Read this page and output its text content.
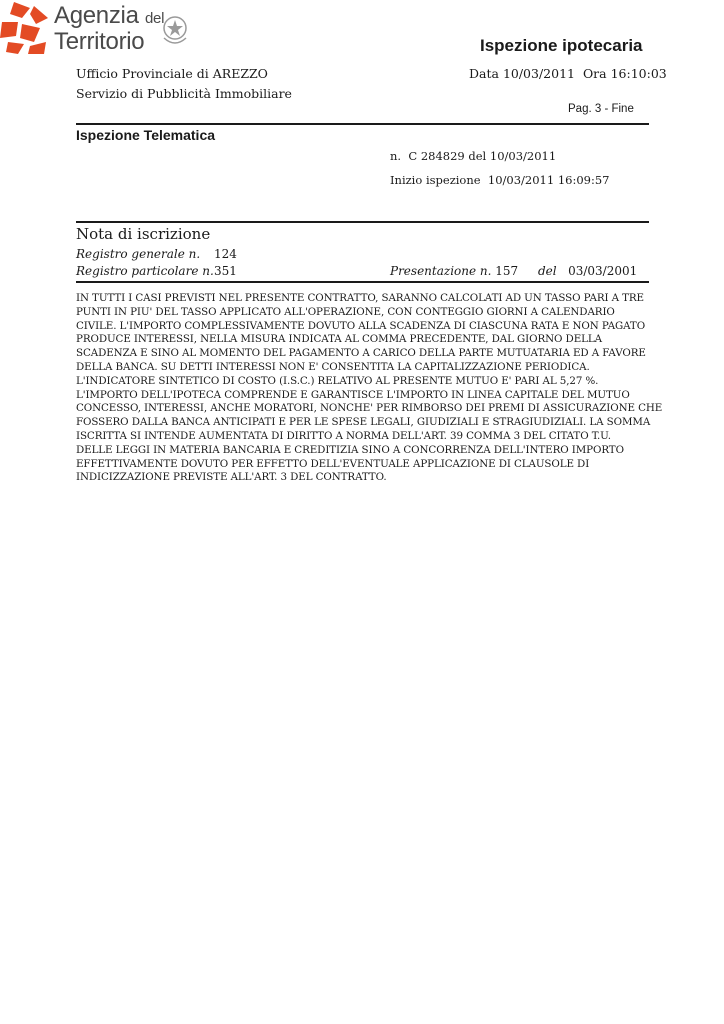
Agenzia del
Territorio	Ispezione ipotecaria
Ufficio Provinciale di AREZZO	Data 10/03/2011 Ora 16:10:03
Servizio di Pubblicità Immobiliare
Pag. 3 - Fine
Ispezione Telematica
n. C 284829 del 10/03/2011
Inizio ispezione 10/03/2011 16:09:57
Nota di iscrizione
Registro generale n. 124
Registro particolare n. 351	Presentazione n. 157 del 03/03/2001
IN TUTTI I CASI PREVISTI NEL PRESENTE CONTRATTO, SARANNO CALCOLATI AD UN TASSO PARI A TRE
PUNTI IN PIU' DEL TASSO APPLICATO ALL'OPERAZIONE, CON CONTEGGIO GIORNI A CALENDARIO
CIVILE. L'IMPORTO COMPLESSIVAMENTE DOVUTO ALLA SCADENZA DI CIASCUNA RATA E NON PAGATO
PRODUCE INTERESSI, NELLA MISURA INDICATA AL COMMA PRECEDENTE, DAL GIORNO DELLA
SCADENZA E SINO AL MOMENTO DEL PAGAMENTO A CARICO DELLA PARTE MUTUATARIA ED A FAVORE
DELLA BANCA. SU DETTI INTERESSI NON E' CONSENTITA LA CAPITALIZZAZIONE PERIODICA.
L'INDICATORE SINTETICO DI COSTO (I.S.C.) RELATIVO AL PRESENTE MUTUO E' PARI AL 5,27 %.
L'IMPORTO DELL'IPOTECA COMPRENDE E GARANTISCE L'IMPORTO IN LINEA CAPITALE DEL MUTUO
CONCESSO, INTERESSI, ANCHE MORATORI, NONCHE' PER RIMBORSO DEI PREMI DI ASSICURAZIONE CHE
FOSSERO DALLA BANCA ANTICIPATI E PER LE SPESE LEGALI, GIUDIZIALI E STRAGIUDIZIALI. LA SOMMA
ISCRITTA SI INTENDE AUMENTATA DI DIRITTO A NORMA DELL'ART. 39 COMMA 3 DEL CITATO T.U.
DELLE LEGGI IN MATERIA BANCARIA E CREDITIZIA SINO A CONCORRENZA DELL'INTERO IMPORTO
EFFETTIVAMENTE DOVUTO PER EFFETTO DELL'EVENTUALE APPLICAZIONE DI CLAUSOLE DI
INDICIZZAZIONE PREVISTE ALL'ART. 3 DEL CONTRATTO.
